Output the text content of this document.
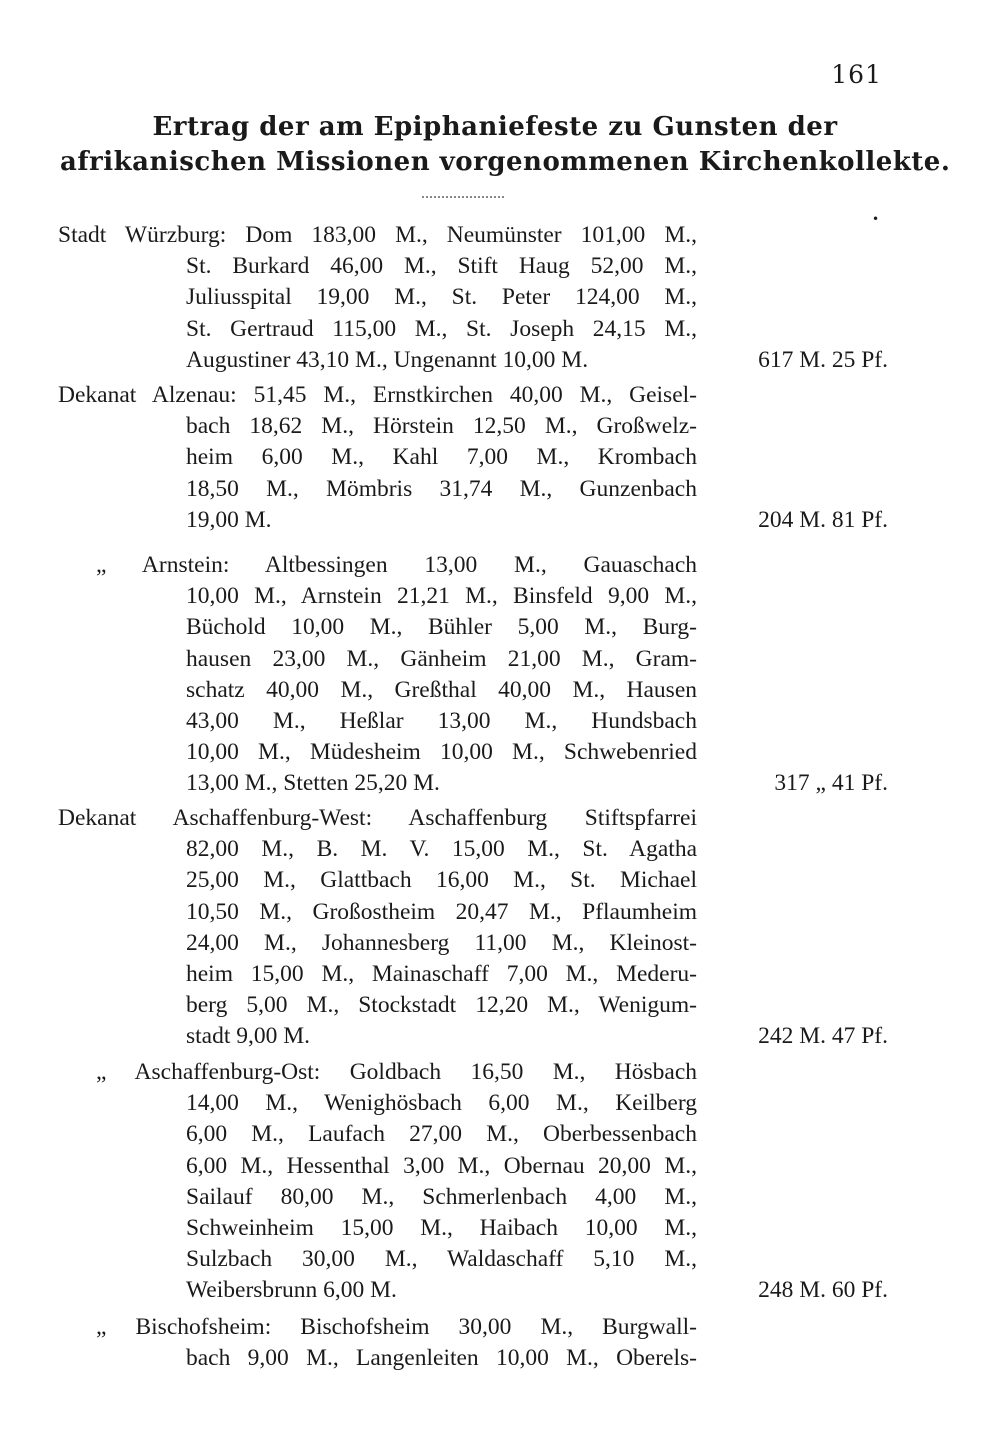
161
Ertrag der am Epiphaniefeste zu Gunsten der
afrikanischen Missionen vorgenommenen Kirchenkollekte.
•
Stadt Würzburg: Dom 183,00 M., Neumünster 101,00 M.,
St. Burkard 46,00 M., Stift Haug 52,00 M.,
Juliusspital 19,00 M., St. Peter 124,00 M.,
St. Gertraud 115,00 M., St. Joseph 24,15 M.,
Augustiner 43,10 M., Ungenannt 10,00 M.	617 M. 25 Pf.
Dekanat Alzenau: 51,45 M., Ernstkirchen 40,00 M., Geisel-
bach 18,62 M., Hörstein 12,50 M., Großwelz-
heim 6,00 M., Kahl 7,00 M., Krombach
18,50 M., Mömbris 31,74 M., Gunzenbach
19,00 M.	204 M. 81 Pf.
„ Arnstein: Altbessingen 13,00 M., Gauaschach
10,00 M., Arnstein 21,21 M., Binsfeld 9,00 M.,
Büchold 10,00 M., Bühler 5,00 M., Burg-
hausen 23,00 M., Gänheim 21,00 M., Gram-
schatz 40,00 M., Greßthal 40,00 M., Hausen
43,00 M., Heßlar 13,00 M., Hundsbach
10,00 M., Müdesheim 10,00 M., Schwebenried
13,00 M., Stetten 25,20 M.	317 „ 41 Pf.
Dekanat Aschaffenburg-West: Aschaffenburg Stiftspfarrei
82,00 M., B. M. V. 15,00 M., St. Agatha
25,00 M., Glattbach 16,00 M., St. Michael
10,50 M., Großostheim 20,47 M., Pflaumheim
24,00 M., Johannesberg 11,00 M., Kleinost-
heim 15,00 M., Mainaschaff 7,00 M., Mederu-
berg 5,00 M., Stockstadt 12,20 M., Wenigum-
stadt 9,00 M.	242 M. 47 Pf.
„ Aschaffenburg-Ost: Goldbach 16,50 M., Hösbach
14,00 M., Wenighösbach 6,00 M., Keilberg
6,00 M., Laufach 27,00 M., Oberbessenbach
6,00 M., Hessenthal 3,00 M., Obernau 20,00 M.,
Sailauf 80,00 M., Schmerlenbach 4,00 M.,
Schweinheim 15,00 M., Haibach 10,00 M.,
Sulzbach 30,00 M., Waldaschaff 5,10 M.,
Weibersbrunn 6,00 M.	248 M. 60 Pf.
„ Bischofsheim: Bischofsheim 30,00 M., Burgwall-
bach 9,00 M., Langenleiten 10,00 M., Oberels-
